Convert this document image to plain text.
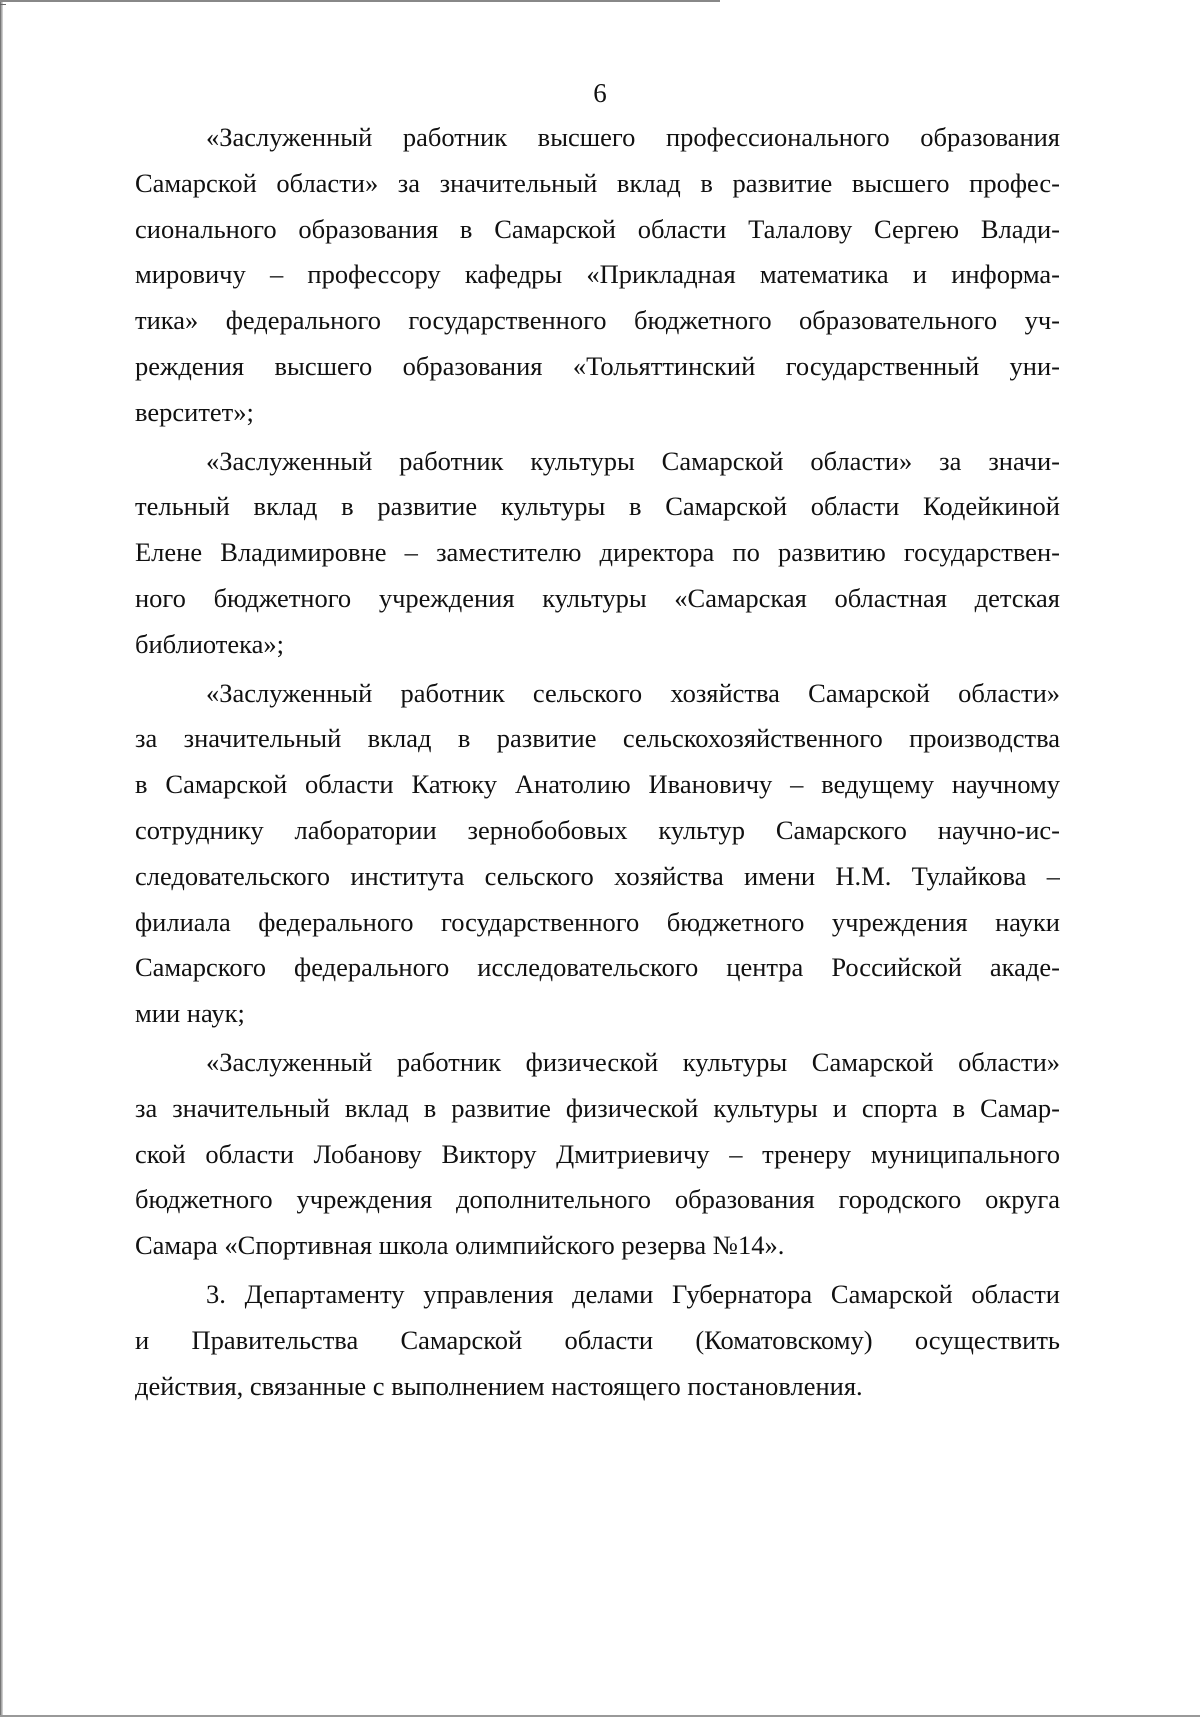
6
«Заслуженный работник высшего профессионального образования
Самарской области» за значительный вклад в развитие высшего профес-
сионального образования в Самарской области Талалову Сергею Влади-
мировичу – профессору кафедры «Прикладная математика и информа-
тика» федерального государственного бюджетного образовательного уч-
реждения высшего образования «Тольяттинский государственный уни-
верситет»;
«Заслуженный работник культуры Самарской области» за значи-
тельный вклад в развитие культуры в Самарской области Кодейкиной
Елене Владимировне – заместителю директора по развитию государствен-
ного бюджетного учреждения культуры «Самарская областная детская
библиотека»;
«Заслуженный работник сельского хозяйства Самарской области»
за значительный вклад в развитие сельскохозяйственного производства
в Самарской области Катюку Анатолию Ивановичу – ведущему научному
сотруднику лаборатории зернобобовых культур Самарского научно-ис-
следовательского института сельского хозяйства имени Н.М. Тулайкова –
филиала федерального государственного бюджетного учреждения науки
Самарского федерального исследовательского центра Российской акаде-
мии наук;
«Заслуженный работник физической культуры Самарской области»
за значительный вклад в развитие физической культуры и спорта в Самар-
ской области Лобанову Виктору Дмитриевичу – тренеру муниципального
бюджетного учреждения дополнительного образования городского округа
Самара «Спортивная школа олимпийского резерва №14».
3. Департаменту управления делами Губернатора Самарской области
и Правительства Самарской области (Коматовскому) осуществить
действия, связанные с выполнением настоящего постановления.
